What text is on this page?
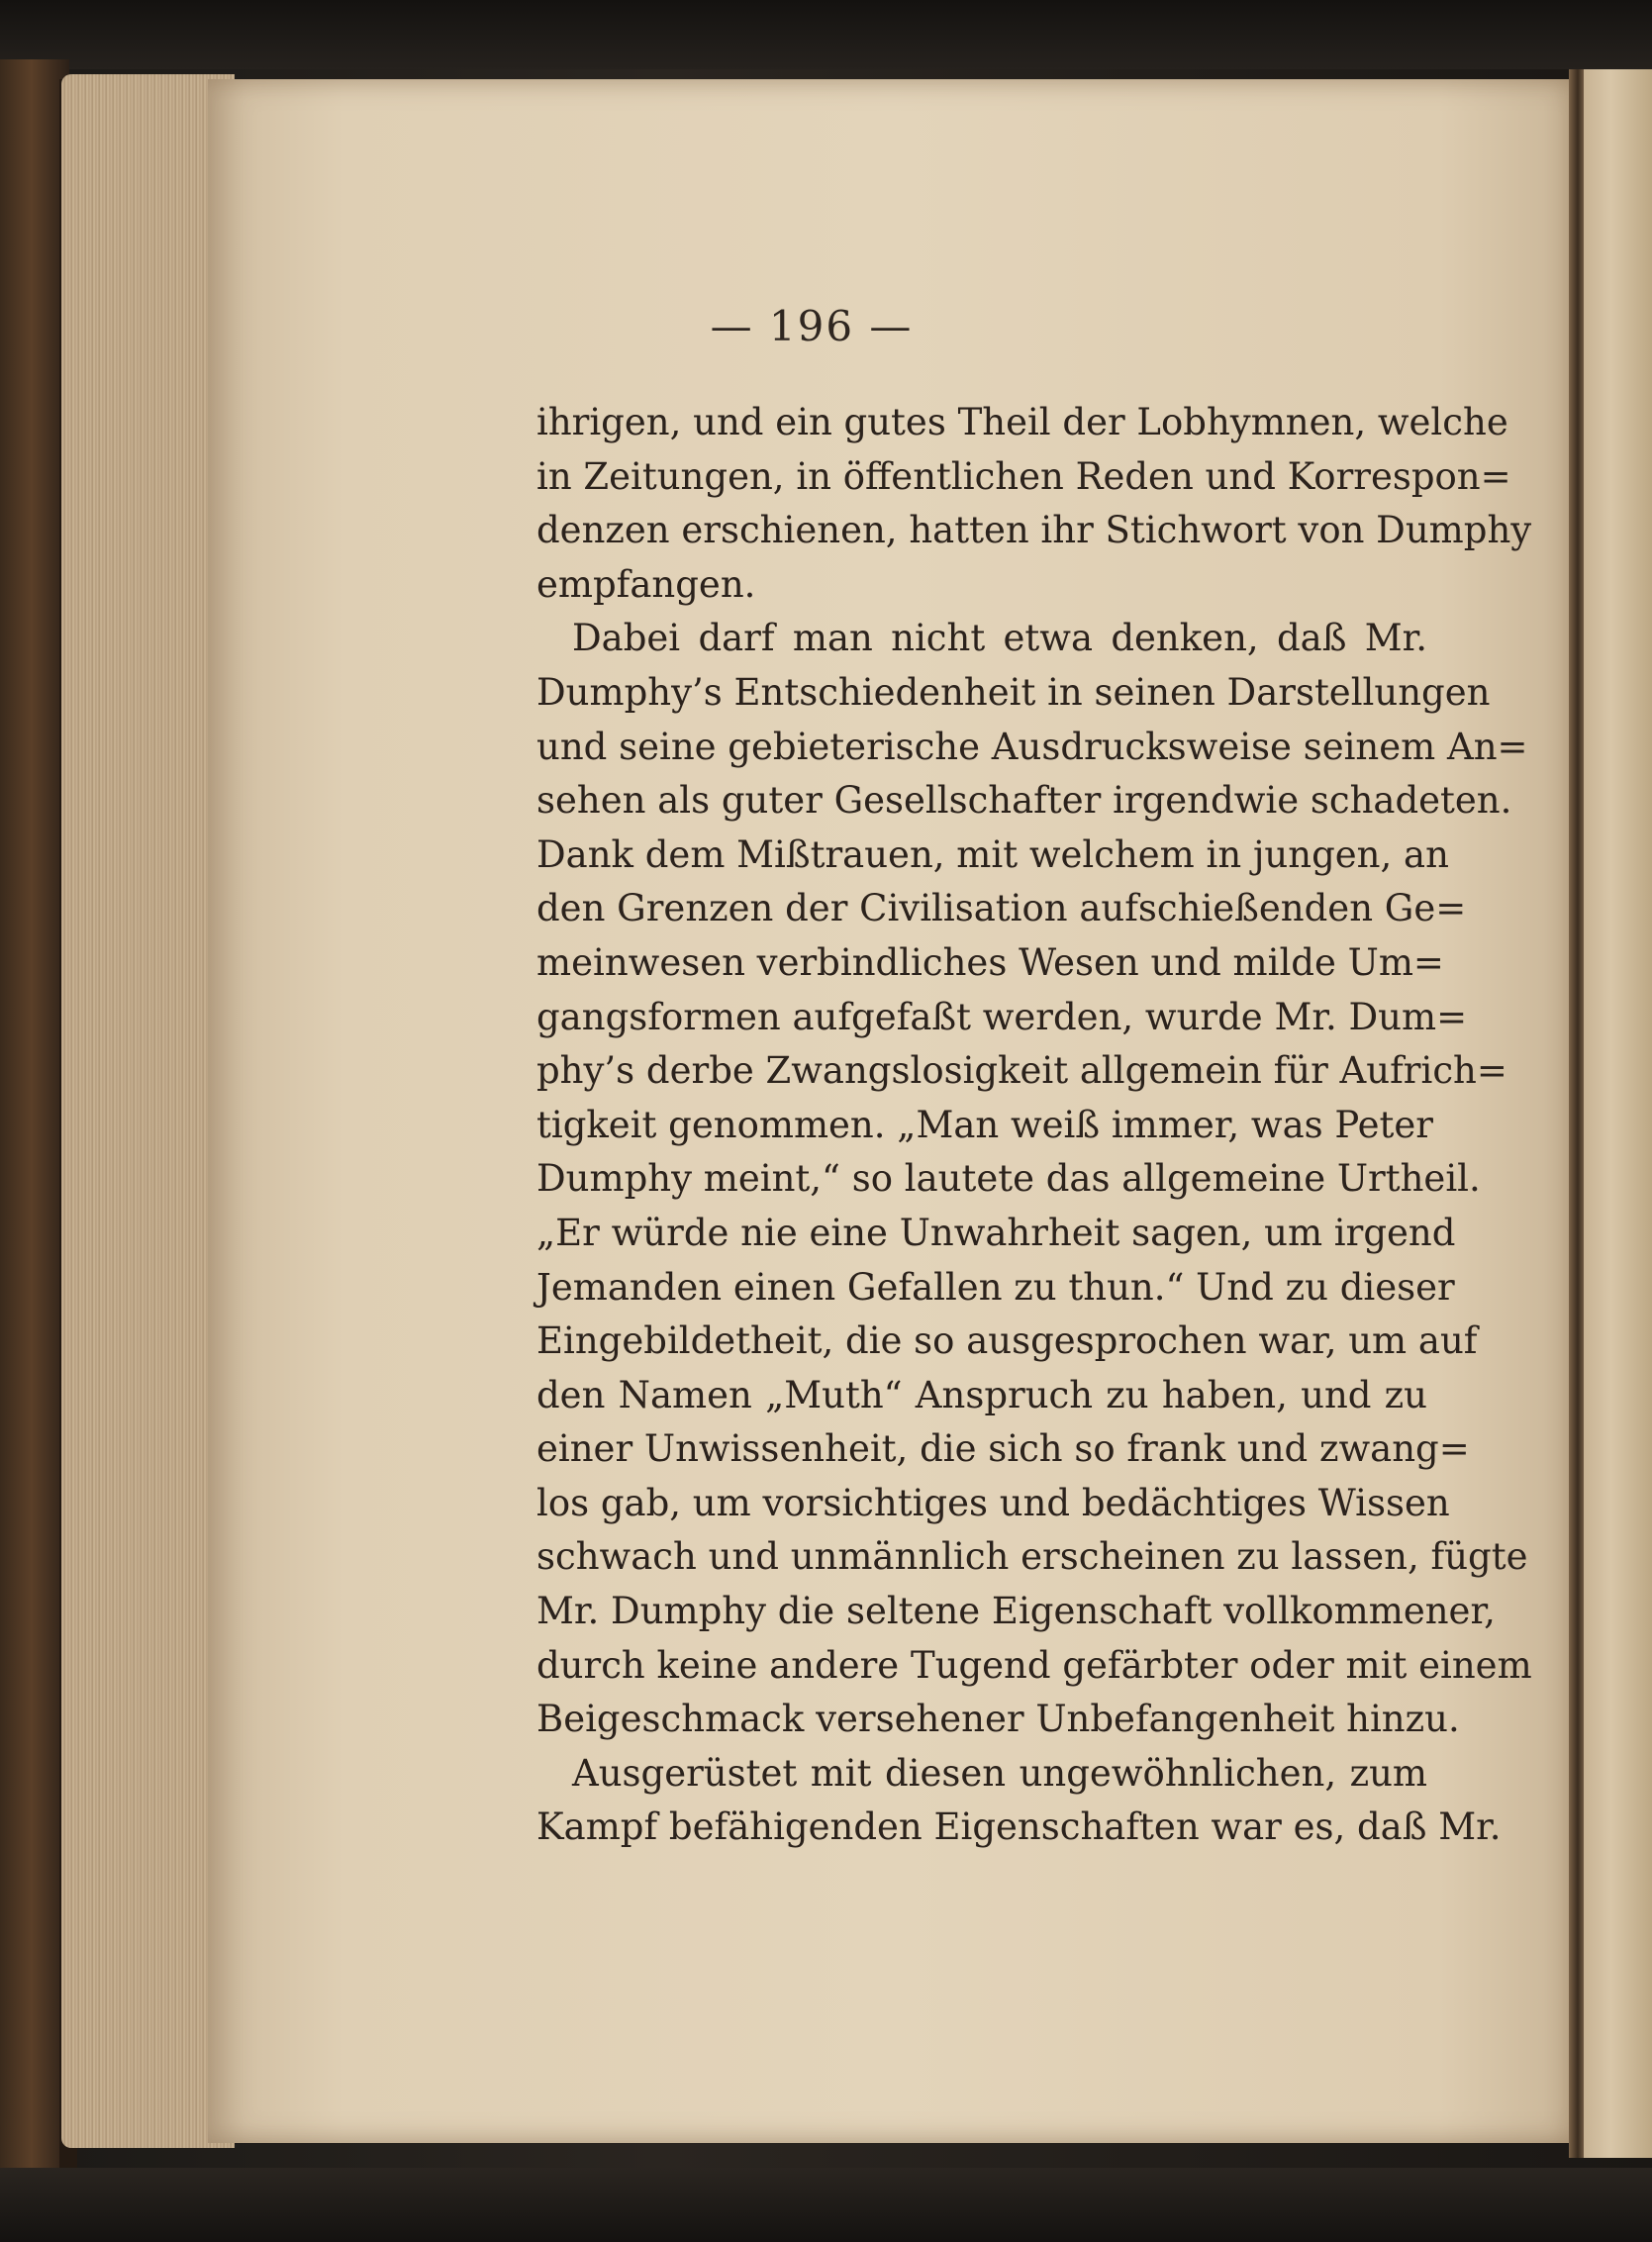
— 196 —
ihrigen, und ein gutes Theil der Lobhymnen, welche
in Zeitungen, in öffentlichen Reden und Korrespon=
denzen erschienen, hatten ihr Stichwort von Dumphy
empfangen.
Dabei darf man nicht etwa denken, daß Mr.
Dumphy’s Entschiedenheit in seinen Darstellungen
und seine gebieterische Ausdrucksweise seinem An=
sehen als guter Gesellschafter irgendwie schadeten.
Dank dem Mißtrauen, mit welchem in jungen, an
den Grenzen der Civilisation aufschießenden Ge=
meinwesen verbindliches Wesen und milde Um=
gangsformen aufgefaßt werden, wurde Mr. Dum=
phy’s derbe Zwangslosigkeit allgemein für Aufrich=
tigkeit genommen. „Man weiß immer, was Peter
Dumphy meint,“ so lautete das allgemeine Urtheil.
„Er würde nie eine Unwahrheit sagen, um irgend
Jemanden einen Gefallen zu thun.“ Und zu dieser
Eingebildetheit, die so ausgesprochen war, um auf
den Namen „Muth“ Anspruch zu haben, und zu
einer Unwissenheit, die sich so frank und zwang=
los gab, um vorsichtiges und bedächtiges Wissen
schwach und unmännlich erscheinen zu lassen, fügte
Mr. Dumphy die seltene Eigenschaft vollkommener,
durch keine andere Tugend gefärbter oder mit einem
Beigeschmack versehener Unbefangenheit hinzu.
Ausgerüstet mit diesen ungewöhnlichen, zum
Kampf befähigenden Eigenschaften war es, daß Mr.
